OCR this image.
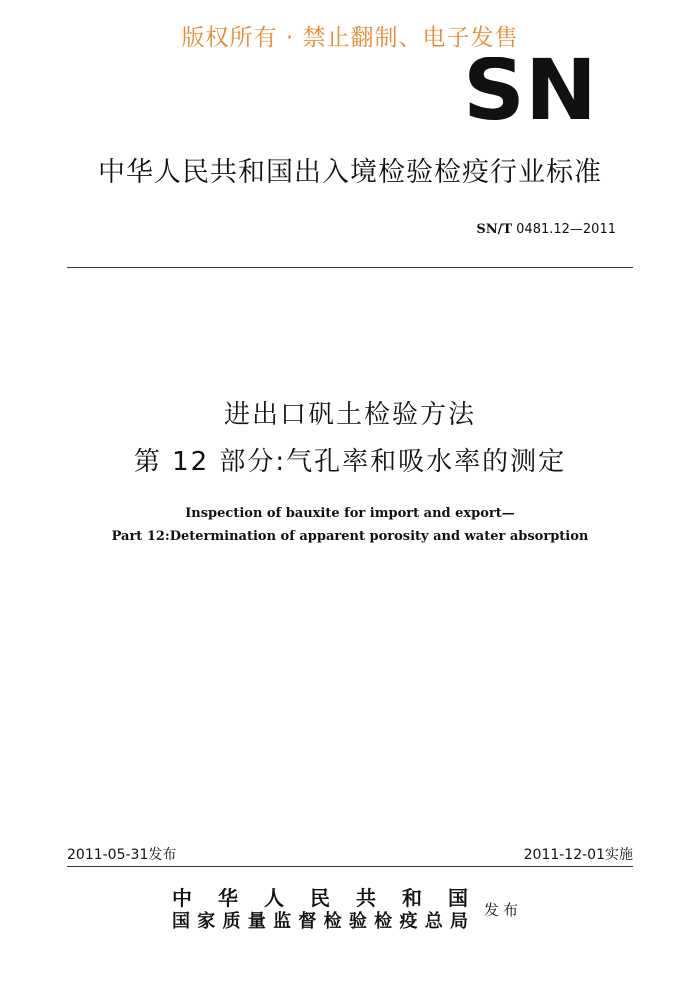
版权所有 · 禁止翻制、电子发售
SN
中华人民共和国出入境检验检疫行业标准
SN/T 0481.12—2011
进出口矾土检验方法
第 12 部分:气孔率和吸水率的测定
Inspection of bauxite for import and export—
Part 12:Determination of apparent porosity and water absorption
2011-05-31发布	2011-12-01实施
中华人民共和国
国家质量监督检验检疫总局
发布
